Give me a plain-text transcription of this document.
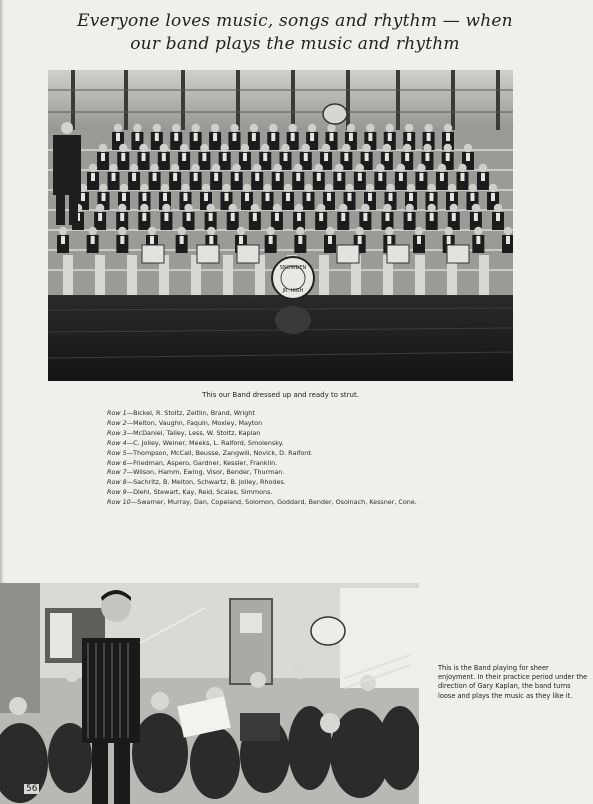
Everyone loves music, songs and rhythm — when
our band plays the music and rhythm
SNOWDEN
JR. HIGH
This our Band dressed up and ready to strut.
Row 1—Bickel, R. Stoltz, Zeitlin, Brand, Wright
Row 2—Melton, Vaughn, Faquin, Moxley, Mayton
Row 3—McDaniel, Talley, Less, W. Stoltz, Kaplan
Row 4—C. Jolley, Weiner, Meeks, L. Raiford, Smolensky.
Row 5—Thompson, McCall, Beusse, Zangwill, Novick, D. Raiford.
Row 6—Friedman, Aspero, Gardner, Kessler, Franklin.
Row 7—Wilson, Hamm, Ewing, Visor, Bender, Thurman.
Row 8—Sachritz, B. Melton, Schwartz, B. Jolley, Rhodes.
Row 9—Diehl, Stewart, Kay, Reid, Scales, Simmons.
Row 10—Swarner, Murray, Dan, Copeland, Solomon, Goddard, Bender, Osoinach, Kessner, Cone.
This is the Band playing for sheer enjoyment. In their practice period under the direction of Gary Kaplan, the band turns loose and plays the music as they like it.
56
